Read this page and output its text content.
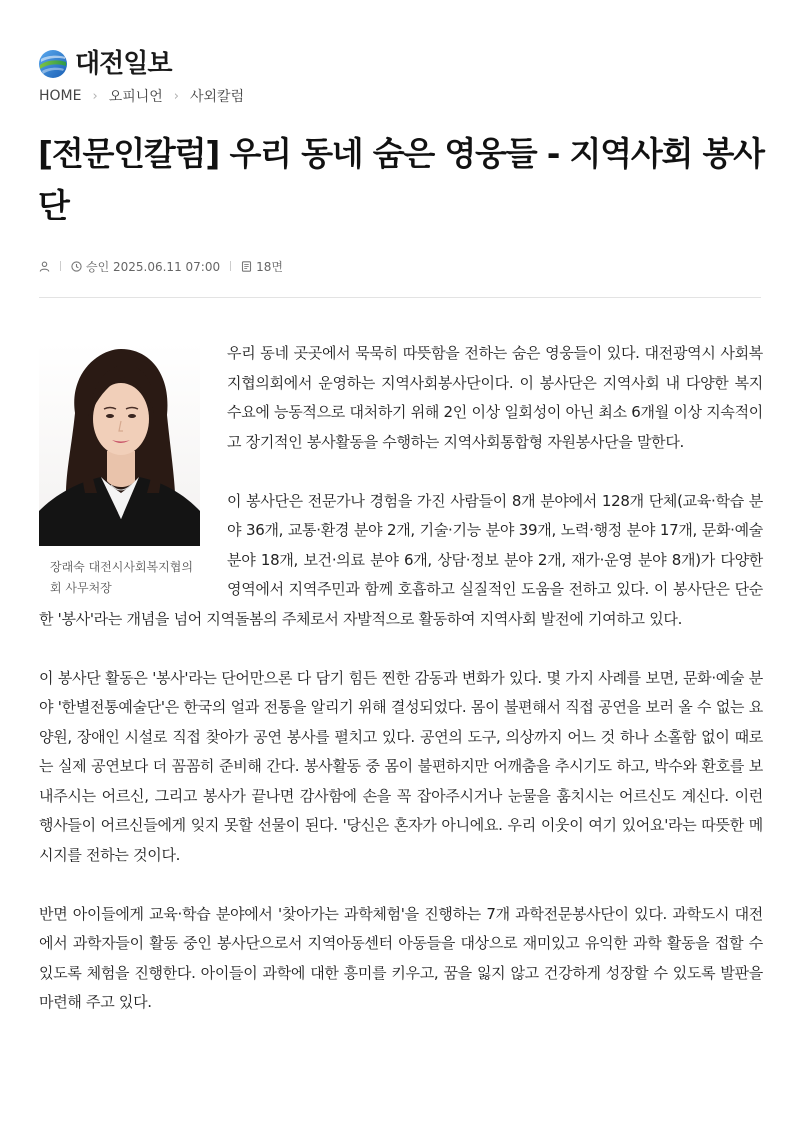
대전일보
HOME › 오피니언 › 사외칼럼
[전문인칼럼] 우리 동네 숨은 영웅들 - 지역사회 봉사단
승인 2025.06.11 07:00	18면
장래숙 대전시사회복지협의회 사무처장

우리 동네 곳곳에서 묵묵히 따뜻함을 전하는 숨은 영웅들이 있다. 대전광역시 사회복지협의회에서 운영하는 지역사회봉사단이다. 이 봉사단은 지역사회 내 다양한 복지수요에 능동적으로 대처하기 위해 2인 이상 일회성이 아닌 최소 6개월 이상 지속적이고 장기적인 봉사활동을 수행하는 지역사회통합형 자원봉사단을 말한다.

이 봉사단은 전문가나 경험을 가진 사람들이 8개 분야에서 128개 단체(교육·학습 분야 36개, 교통·환경 분야 2개, 기술·기능 분야 39개, 노력·행정 분야 17개, 문화·예술 분야 18개, 보건·의료 분야 6개, 상담·정보 분야 2개, 재가·운영 분야 8개)가 다양한 영역에서 지역주민과 함께 호흡하고 실질적인 도움을 전하고 있다. 이 봉사단은 단순한 '봉사'라는 개념을 넘어 지역돌봄의 주체로서 자발적으로 활동하여 지역사회 발전에 기여하고 있다.

이 봉사단 활동은 '봉사'라는 단어만으론 다 담기 힘든 찐한 감동과 변화가 있다. 몇 가지 사례를 보면, 문화·예술 분야 '한별전통예술단'은 한국의 얼과 전통을 알리기 위해 결성되었다. 몸이 불편해서 직접 공연을 보러 올 수 없는 요양원, 장애인 시설로 직접 찾아가 공연 봉사를 펼치고 있다. 공연의 도구, 의상까지 어느 것 하나 소홀함 없이 때로는 실제 공연보다 더 꼼꼼히 준비해 간다. 봉사활동 중 몸이 불편하지만 어깨춤을 추시기도 하고, 박수와 환호를 보내주시는 어르신, 그리고 봉사가 끝나면 감사함에 손을 꼭 잡아주시거나 눈물을 훔치시는 어르신도 계신다. 이런 행사들이 어르신들에게 잊지 못할 선물이 된다. '당신은 혼자가 아니에요. 우리 이웃이 여기 있어요'라는 따뜻한 메시지를 전하는 것이다.

반면 아이들에게 교육·학습 분야에서 '찾아가는 과학체험'을 진행하는 7개 과학전문봉사단이 있다. 과학도시 대전에서 과학자들이 활동 중인 봉사단으로서 지역아동센터 아동들을 대상으로 재미있고 유익한 과학 활동을 접할 수 있도록 체험을 진행한다. 아이들이 과학에 대한 흥미를 키우고, 꿈을 잃지 않고 건강하게 성장할 수 있도록 발판을 마련해 주고 있다.
